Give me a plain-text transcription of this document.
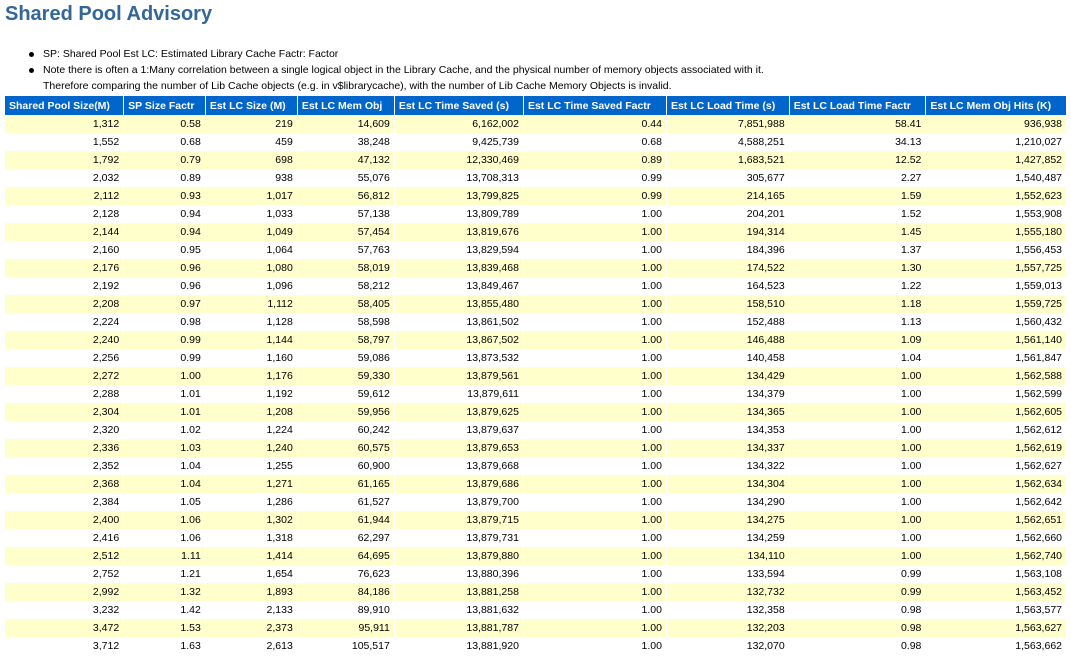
Shared Pool Advisory
SP: Shared Pool Est LC: Estimated Library Cache Factr: Factor
Note there is often a 1:Many correlation between a single logical object in the Library Cache, and the physical number of memory objects associated with it.
Therefore comparing the number of Lib Cache objects (e.g. in v$librarycache), with the number of Lib Cache Memory Objects is invalid.
Shared Pool Size(M)	SP Size Factr	Est LC Size (M)	Est LC Mem Obj	Est LC Time Saved (s)	Est LC Time Saved Factr	Est LC Load Time (s)	Est LC Load Time Factr	Est LC Mem Obj Hits (K)
1,312	0.58	219	14,609	6,162,002	0.44	7,851,988	58.41	936,938
1,552	0.68	459	38,248	9,425,739	0.68	4,588,251	34.13	1,210,027
1,792	0.79	698	47,132	12,330,469	0.89	1,683,521	12.52	1,427,852
2,032	0.89	938	55,076	13,708,313	0.99	305,677	2.27	1,540,487
2,112	0.93	1,017	56,812	13,799,825	0.99	214,165	1.59	1,552,623
2,128	0.94	1,033	57,138	13,809,789	1.00	204,201	1.52	1,553,908
2,144	0.94	1,049	57,454	13,819,676	1.00	194,314	1.45	1,555,180
2,160	0.95	1,064	57,763	13,829,594	1.00	184,396	1.37	1,556,453
2,176	0.96	1,080	58,019	13,839,468	1.00	174,522	1.30	1,557,725
2,192	0.96	1,096	58,212	13,849,467	1.00	164,523	1.22	1,559,013
2,208	0.97	1,112	58,405	13,855,480	1.00	158,510	1.18	1,559,725
2,224	0.98	1,128	58,598	13,861,502	1.00	152,488	1.13	1,560,432
2,240	0.99	1,144	58,797	13,867,502	1.00	146,488	1.09	1,561,140
2,256	0.99	1,160	59,086	13,873,532	1.00	140,458	1.04	1,561,847
2,272	1.00	1,176	59,330	13,879,561	1.00	134,429	1.00	1,562,588
2,288	1.01	1,192	59,612	13,879,611	1.00	134,379	1.00	1,562,599
2,304	1.01	1,208	59,956	13,879,625	1.00	134,365	1.00	1,562,605
2,320	1.02	1,224	60,242	13,879,637	1.00	134,353	1.00	1,562,612
2,336	1.03	1,240	60,575	13,879,653	1.00	134,337	1.00	1,562,619
2,352	1.04	1,255	60,900	13,879,668	1.00	134,322	1.00	1,562,627
2,368	1.04	1,271	61,165	13,879,686	1.00	134,304	1.00	1,562,634
2,384	1.05	1,286	61,527	13,879,700	1.00	134,290	1.00	1,562,642
2,400	1.06	1,302	61,944	13,879,715	1.00	134,275	1.00	1,562,651
2,416	1.06	1,318	62,297	13,879,731	1.00	134,259	1.00	1,562,660
2,512	1.11	1,414	64,695	13,879,880	1.00	134,110	1.00	1,562,740
2,752	1.21	1,654	76,623	13,880,396	1.00	133,594	0.99	1,563,108
2,992	1.32	1,893	84,186	13,881,258	1.00	132,732	0.99	1,563,452
3,232	1.42	2,133	89,910	13,881,632	1.00	132,358	0.98	1,563,577
3,472	1.53	2,373	95,911	13,881,787	1.00	132,203	0.98	1,563,627
3,712	1.63	2,613	105,517	13,881,920	1.00	132,070	0.98	1,563,662
